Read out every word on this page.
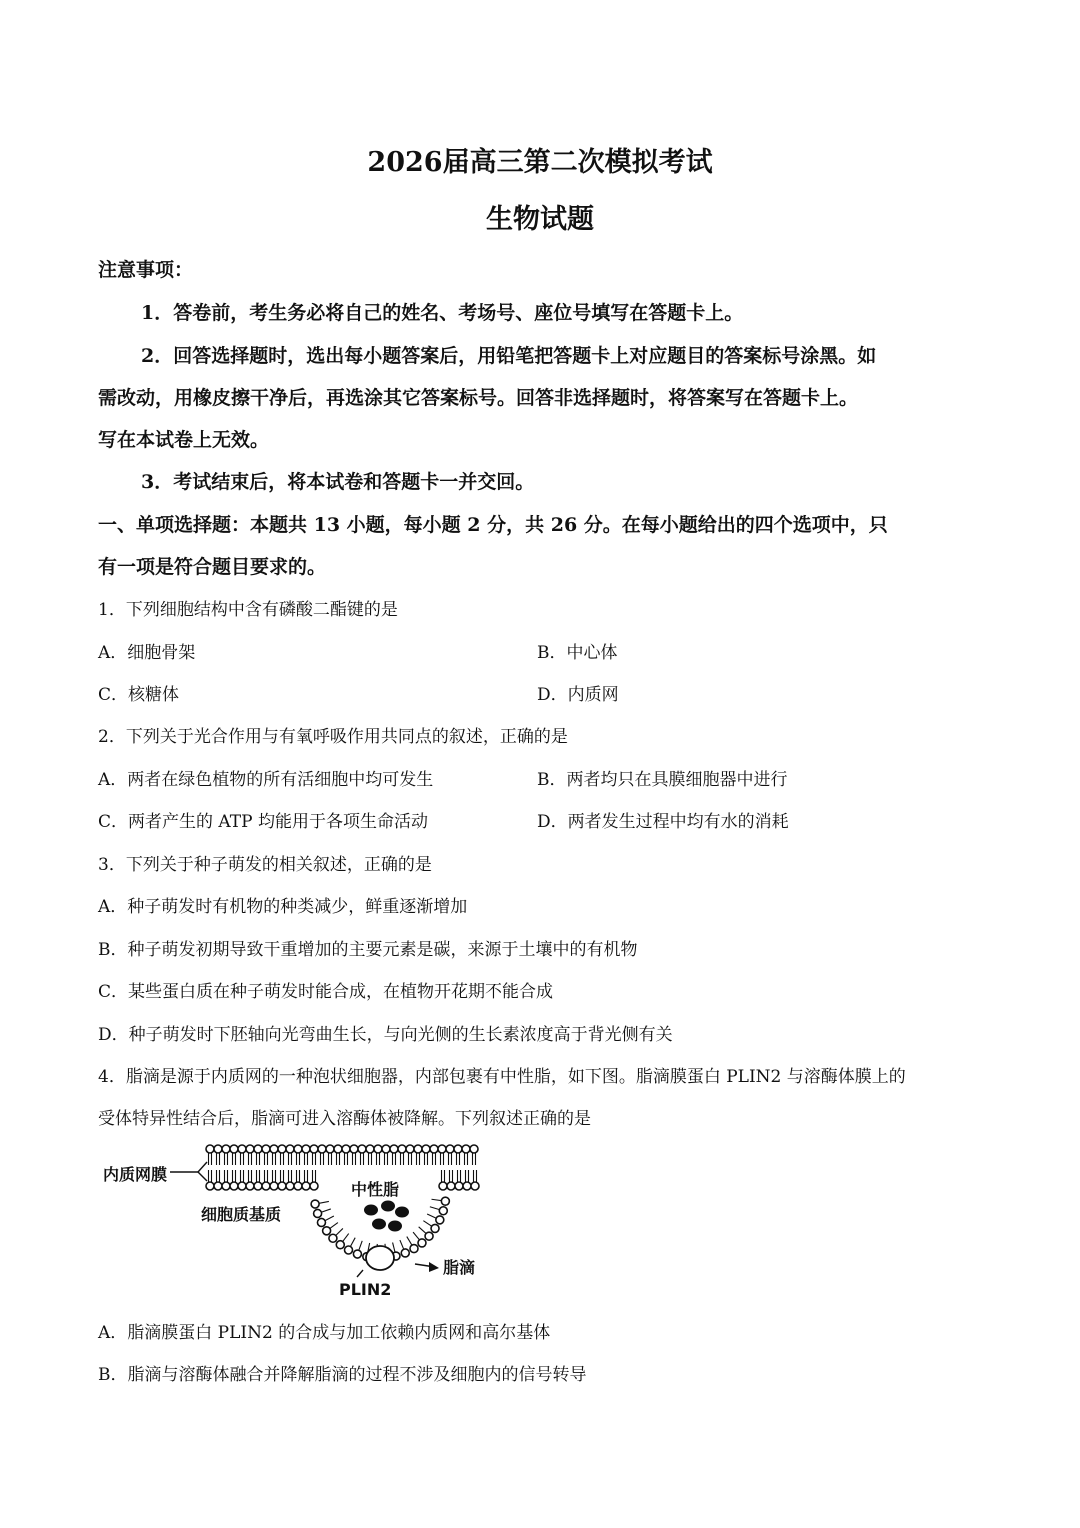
2026届高三第二次模拟考试
生物试题
注意事项：
1．答卷前，考生务必将自己的姓名、考场号、座位号填写在答题卡上。
2．回答选择题时，选出每小题答案后，用铅笔把答题卡上对应题目的答案标号涂黑。如
需改动，用橡皮擦干净后，再选涂其它答案标号。回答非选择题时，将答案写在答题卡上。
写在本试卷上无效。
3．考试结束后，将本试卷和答题卡一并交回。
一、单项选择题：本题共 13 小题，每小题 2 分，共 26 分。在每小题给出的四个选项中，只
有一项是符合题目要求的。
1．下列细胞结构中含有磷酸二酯键的是
A．细胞骨架	B．中心体
C．核糖体	D．内质网
2．下列关于光合作用与有氧呼吸作用共同点的叙述，正确的是
A．两者在绿色植物的所有活细胞中均可发生	B．两者均只在具膜细胞器中进行
C．两者产生的 ATP 均能用于各项生命活动	D．两者发生过程中均有水的消耗
3．下列关于种子萌发的相关叙述，正确的是
A．种子萌发时有机物的种类减少，鲜重逐渐增加
B．种子萌发初期导致干重增加的主要元素是碳，来源于土壤中的有机物
C．某些蛋白质在种子萌发时能合成，在植物开花期不能合成
D．种子萌发时下胚轴向光弯曲生长，与向光侧的生长素浓度高于背光侧有关
4．脂滴是源于内质网的一种泡状细胞器，内部包裹有中性脂，如下图。脂滴膜蛋白 PLIN2 与溶酶体膜上的
受体特异性结合后，脂滴可进入溶酶体被降解。下列叙述正确的是
内质网膜
中性脂
细胞质基质
脂滴
PLIN2
A．脂滴膜蛋白 PLIN2 的合成与加工依赖内质网和高尔基体
B．脂滴与溶酶体融合并降解脂滴的过程不涉及细胞内的信号转导
